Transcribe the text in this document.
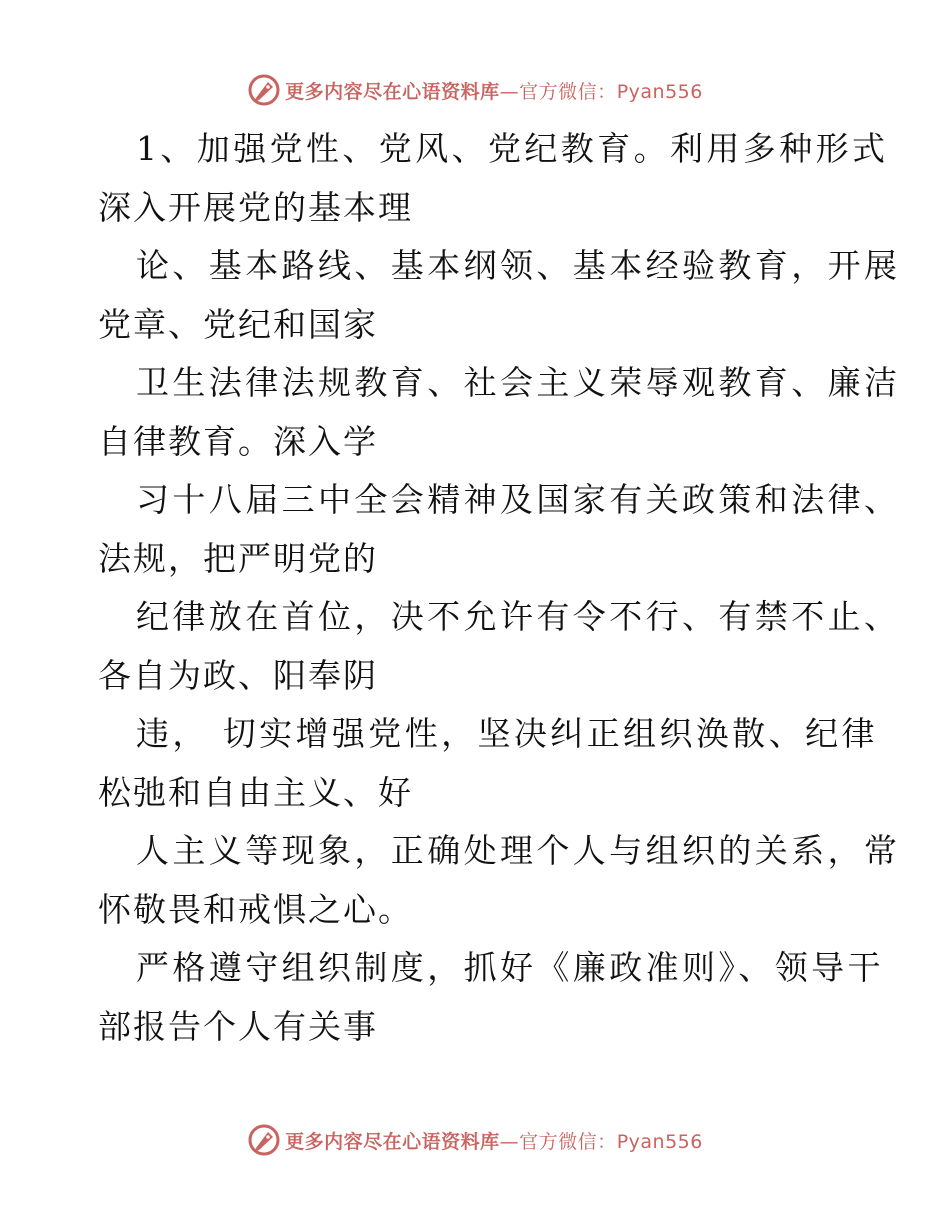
更多内容尽在心语资料库—官方微信：Pyan556
1、加强党性、党风、党纪教育。利用多种形式
深入开展党的基本理
论、基本路线、基本纲领、基本经验教育，开展
党章、党纪和国家
卫生法律法规教育、社会主义荣辱观教育、廉洁
自律教育。深入学
习十八届三中全会精神及国家有关政策和法律、
法规，把严明党的
纪律放在首位，决不允许有令不行、有禁不止、
各自为政、阳奉阴
违， 切实增强党性，坚决纠正组织涣散、纪律
松弛和自由主义、好
人主义等现象，正确处理个人与组织的关系，常
怀敬畏和戒惧之心。
严格遵守组织制度，抓好《廉政准则》、领导干
部报告个人有关事
更多内容尽在心语资料库—官方微信：Pyan556
